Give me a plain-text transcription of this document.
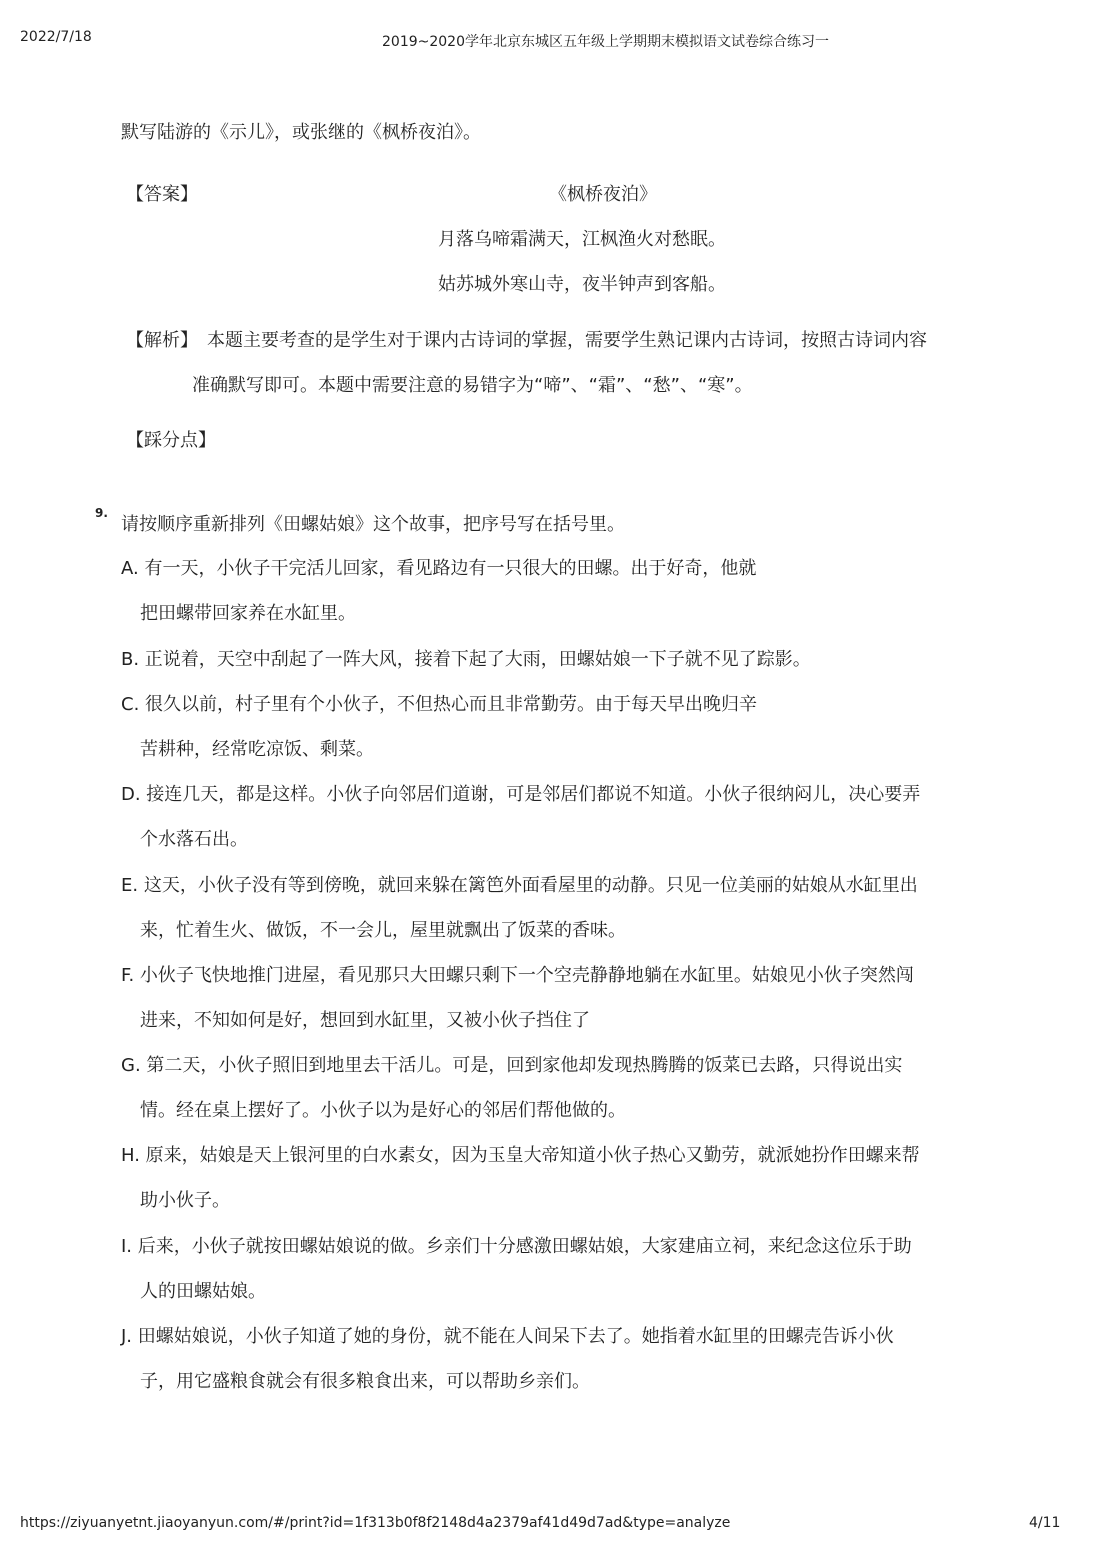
2022/7/18	2019~2020学年北京东城区五年级上学期期末模拟语文试卷综合练习一
默写陆游的《示儿》，或张继的《枫桥夜泊》。
【答案】	《枫桥夜泊》
月落乌啼霜满天，江枫渔火对愁眠。
姑苏城外寒山寺，夜半钟声到客船。
【解析】 本题主要考查的是学生对于课内古诗词的掌握，需要学生熟记课内古诗词，按照古诗词内容
准确默写即可。本题中需要注意的易错字为“啼”、“霜”、“愁”、“寒”。
【踩分点】
9.
请按顺序重新排列《田螺姑娘》这个故事，把序号写在括号里。
A. 有一天，小伙子干完活儿回家，看见路边有一只很大的田螺。出于好奇，他就
把田螺带回家养在水缸里。
B. 正说着，天空中刮起了一阵大风，接着下起了大雨，田螺姑娘一下子就不见了踪影。
C. 很久以前，村子里有个小伙子，不但热心而且非常勤劳。由于每天早出晚归辛
苦耕种，经常吃凉饭、剩菜。
D. 接连几天，都是这样。小伙子向邻居们道谢，可是邻居们都说不知道。小伙子很纳闷儿，决心要弄
个水落石出。
E. 这天，小伙子没有等到傍晚，就回来躲在篱笆外面看屋里的动静。只见一位美丽的姑娘从水缸里出
来，忙着生火、做饭，不一会儿，屋里就飘出了饭菜的香味。
F. 小伙子飞快地推门进屋，看见那只大田螺只剩下一个空壳静静地躺在水缸里。姑娘见小伙子突然闯
进来，不知如何是好，想回到水缸里，又被小伙子挡住了
G. 第二天，小伙子照旧到地里去干活儿。可是，回到家他却发现热腾腾的饭菜已去路，只得说出实
情。经在桌上摆好了。小伙子以为是好心的邻居们帮他做的。
H. 原来，姑娘是天上银河里的白水素女，因为玉皇大帝知道小伙子热心又勤劳，就派她扮作田螺来帮
助小伙子。
I. 后来，小伙子就按田螺姑娘说的做。乡亲们十分感激田螺姑娘，大家建庙立祠，来纪念这位乐于助
人的田螺姑娘。
J. 田螺姑娘说，小伙子知道了她的身份，就不能在人间呆下去了。她指着水缸里的田螺壳告诉小伙
子，用它盛粮食就会有很多粮食出来，可以帮助乡亲们。
https://ziyuanyetnt.jiaoyanyun.com/#/print?id=1f313b0f8f2148d4a2379af41d49d7ad&type=analyze	4/11
